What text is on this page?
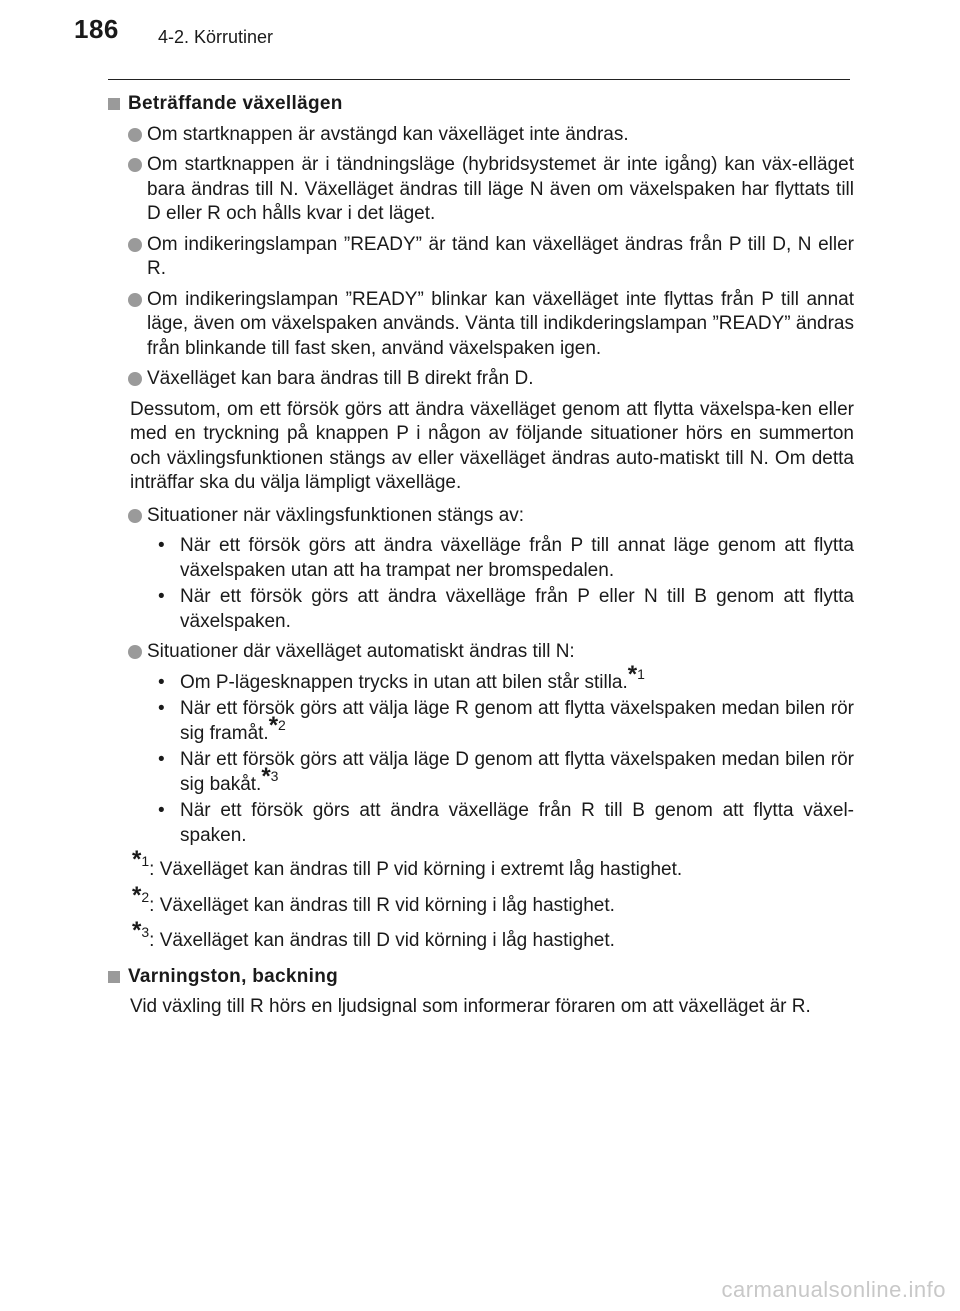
186 4-2. Körrutiner
Beträffande växellägen
Om startknappen är avstängd kan växelläget inte ändras.
Om startknappen är i tändningsläge (hybridsystemet är inte igång) kan väx-elläget bara ändras till N. Växelläget ändras till läge N även om växelspaken har flyttats till D eller R och hålls kvar i det läget.
Om indikeringslampan ”READY” är tänd kan växelläget ändras från P till D, N eller R.
Om indikeringslampan ”READY” blinkar kan växelläget inte flyttas från P till annat läge, även om växelspaken används. Vänta till indikderingslampan ”READY” ändras från blinkande till fast sken, använd växelspaken igen.
Växelläget kan bara ändras till B direkt från D.
Dessutom, om ett försök görs att ändra växelläget genom att flytta växelspa-ken eller med en tryckning på knappen P i någon av följande situationer hörs en summerton och växlingsfunktionen stängs av eller växelläget ändras auto-matiskt till N. Om detta inträffar ska du välja lämpligt växelläge.
Situationer när växlingsfunktionen stängs av:
• När ett försök görs att ändra växelläge från P till annat läge genom att flytta växelspaken utan att ha trampat ner bromspedalen.
• När ett försök görs att ändra växelläge från P eller N till B genom att flytta växelspaken.
Situationer där växelläget automatiskt ändras till N:
• Om P-lägesknappen trycks in utan att bilen står stilla.*$^1$
• När ett försök görs att välja läge R genom att flytta växelspaken medan bilen rör sig framåt.*$^2$
• När ett försök görs att välja läge D genom att flytta växelspaken medan bilen rör sig bakåt.*$^3$
• När ett försök görs att ändra växelläge från R till B genom att flytta växel-spaken.
*$^1$: Växelläget kan ändras till P vid körning i extremt låg hastighet.
*$^2$: Växelläget kan ändras till R vid körning i låg hastighet.
*$^3$: Växelläget kan ändras till D vid körning i låg hastighet.
Varningston, backning
Vid växling till R hörs en ljudsignal som informerar föraren om att växelläget är R.
carmanualsonline.info
